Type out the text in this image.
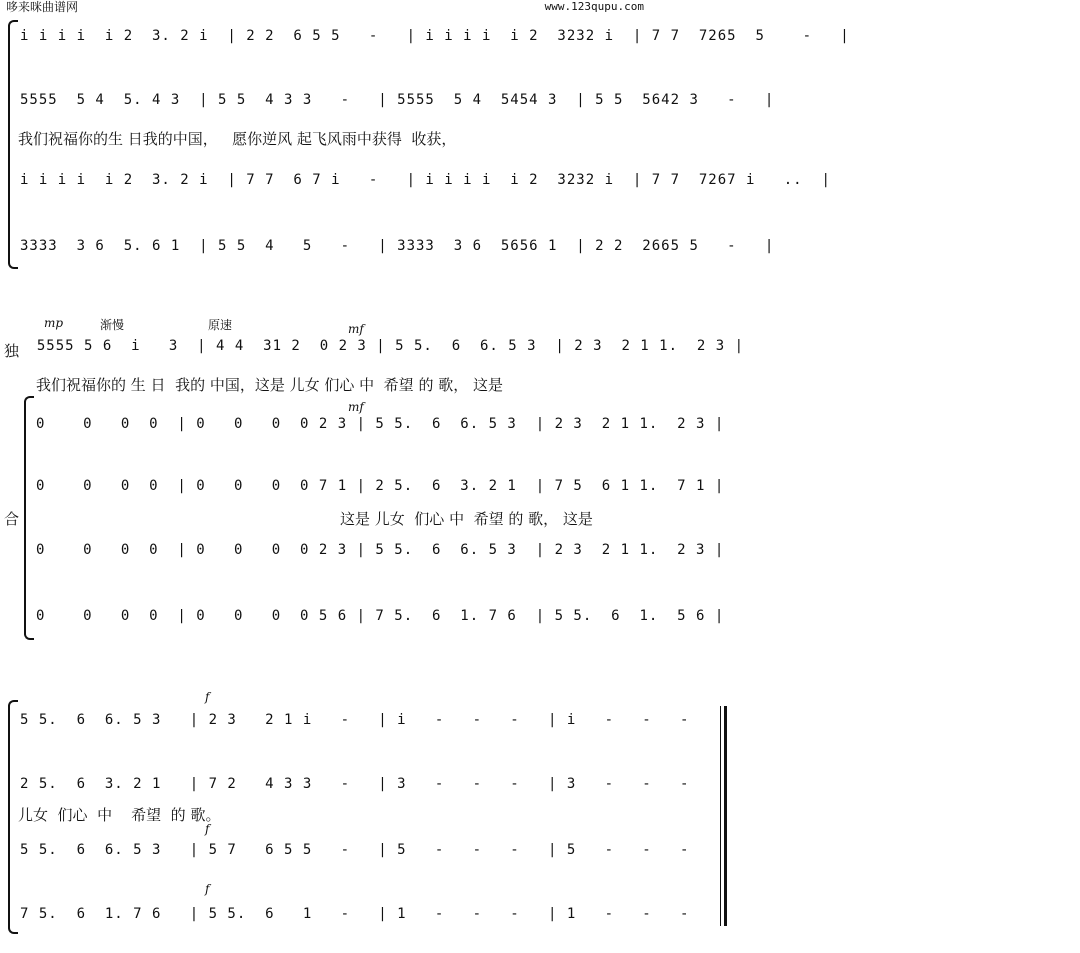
哆来咪曲谱网	www.123qupu.com
i i i i  i 2  3. 2 i  | 2 2  6 5 5   -   | i i i i  i 2  3232 i  | 7 7  7265  5    -   |
5555  5 4  5. 4 3  | 5 5  4 3 3   -   | 5555  5 4  5454 3  | 5 5  5642 3   -   |
我们祝福你的生 日我的中国，   愿你逆风 起飞风雨中获得  收获，
i i i i  i 2  3. 2 i  | 7 7  6 7 i   -   | i i i i  i 2  3232 i  | 7 7  7267 i   ..  |
3333  3 6  5. 6 1  | 5 5  4   5   -   | 3333  3 6  5656 1  | 2 2  2665 5   -   |
mp	渐慢	原速	mf
独
5555 5 6  i   3  | 4 4  31 2  0 2 3 | 5 5.  6  6. 5 3  | 2 3  2 1 1.  2 3 |
我们祝福你的 生 日  我的 中国，这是 儿女 们心 中  希望 的 歌， 这是
mf
合
0    0   0  0  | 0   0   0  0 2 3 | 5 5.  6  6. 5 3  | 2 3  2 1 1.  2 3 |
0    0   0  0  | 0   0   0  0 7 1 | 2 5.  6  3. 2 1  | 7 5  6 1 1.  7 1 |
这是 儿女  们心 中  希望 的 歌， 这是
0    0   0  0  | 0   0   0  0 2 3 | 5 5.  6  6. 5 3  | 2 3  2 1 1.  2 3 |
0    0   0  0  | 0   0   0  0 5 6 | 7 5.  6  1. 7 6  | 5 5.  6  1.  5 6 |
f
5 5.  6  6. 5 3   | 2 3   2 1 i   -   | i   -   -   -   | i   -   -   -
2 5.  6  3. 2 1   | 7 2   4 3 3   -   | 3   -   -   -   | 3   -   -   -
儿女  们心  中    希望  的 歌。
f
5 5.  6  6. 5 3   | 5 7   6 5 5   -   | 5   -   -   -   | 5   -   -   -
f
7 5.  6  1. 7 6   | 5 5.  6   1   -   | 1   -   -   -   | 1   -   -   -
